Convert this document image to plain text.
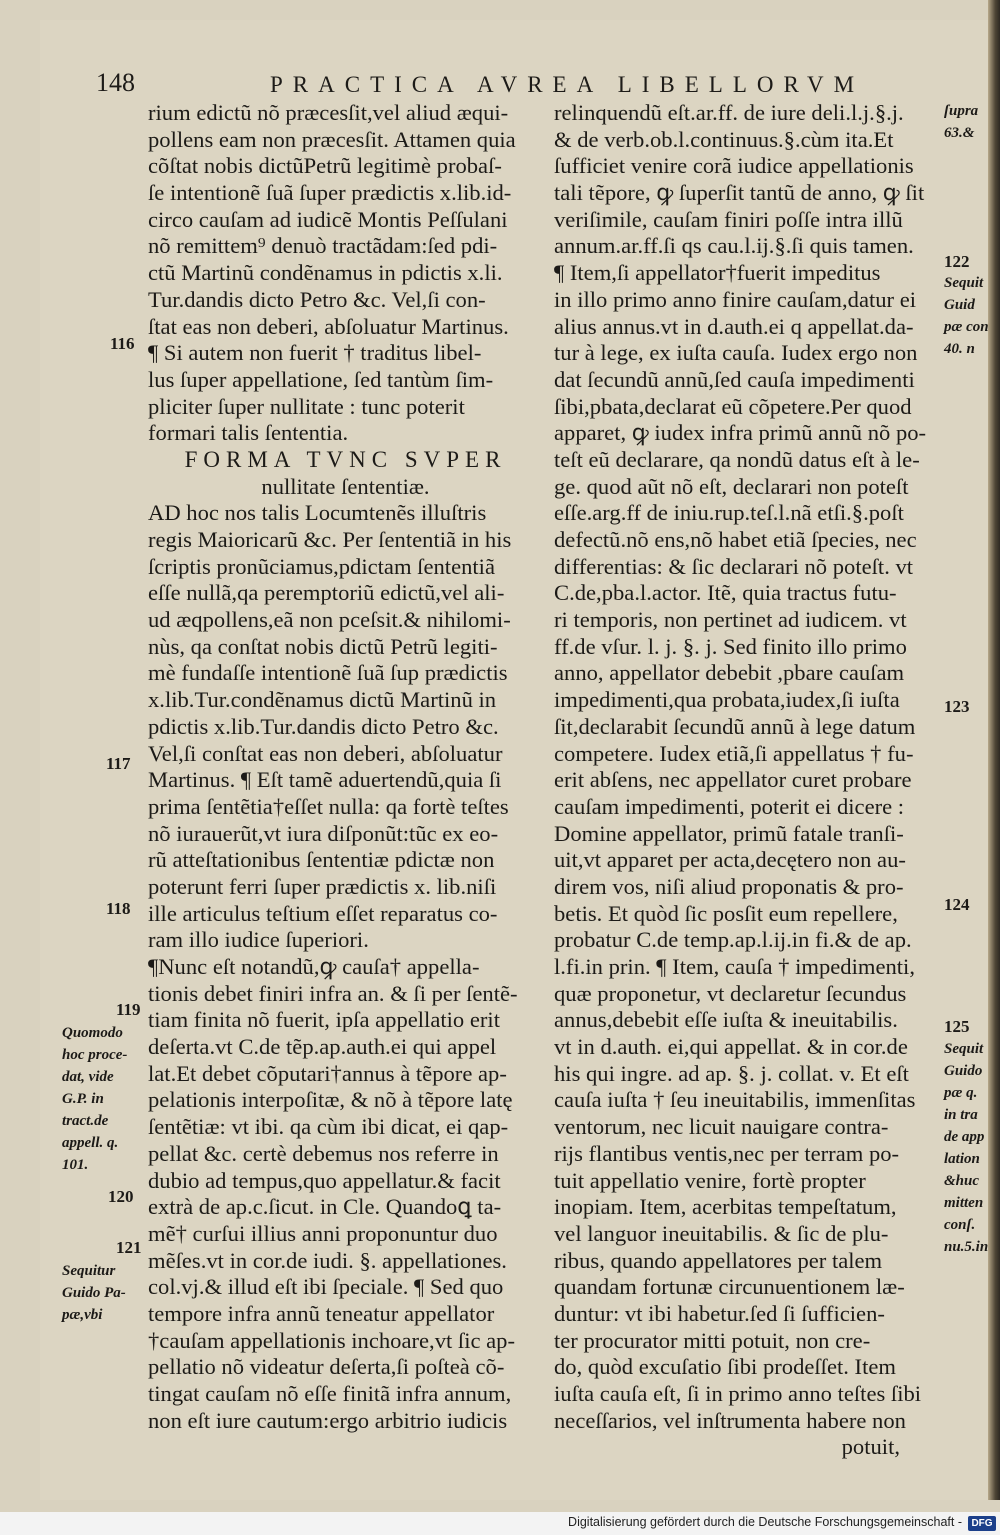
148	PRACTICA AVREA LIBELLORVM
rium edictũ nõ præcesſit,vel aliud æqui-
pollens eam non præcesſit. Attamen quia
cõſtat nobis dictũPetrũ legitimè probaſ-
ſe intentionẽ ſuã ſuper prædictis x.lib.id-
circo cauſam ad iudicẽ Montis Peſſulani
nõ remittem⁹ denuò tractãdam:ſed pdi-
ctũ Martinũ condẽnamus in pdictis x.li.
Tur.dandis dicto Petro &c. Vel,ſi con-
ſtat eas non deberi, abſoluatur Martinus.
¶ Si autem non fuerit † traditus libel-
lus ſuper appellatione, ſed tantùm ſim-
pliciter ſuper nullitate : tunc poterit
formari talis ſententia.
FORMA TVNC SVPER
nullitate ſententiæ.
AD hoc nos talis Locumtenẽs illuſtris
regis Maioricarũ &c. Per ſententiã in his
ſcriptis pronũciamus,pdictam ſententiã
eſſe nullã,qa peremptoriũ edictũ,vel ali-
ud æqpollens,eã non pceſsit.& nihilomi-
nùs, qa conſtat nobis dictũ Petrũ legiti-
mè fundaſſe intentionẽ ſuã ſup prædictis
x.lib.Tur.condẽnamus dictũ Martinũ in
pdictis x.lib.Tur.dandis dicto Petro &c.
Vel,ſi conſtat eas non deberi, abſoluatur
Martinus. ¶ Eſt tamẽ aduertendũ,quia ſi
prima ſentẽtia†eſſet nulla: qa fortè teſtes
nõ iurauerũt,vt iura diſponũt:tũc ex eo-
rũ atteſtationibus ſententiæ pdictæ non
poterunt ferri ſuper prædictis x. lib.niſi
ille articulus teſtium eſſet reparatus co-
ram illo iudice ſuperiori.
¶Nunc eſt notandũ,ꝙ cauſa† appella-
tionis debet finiri infra an. & ſi per ſentẽ-
tiam finita nõ fuerit, ipſa appellatio erit
deſerta.vt C.de tẽp.ap.auth.ei qui appel
lat.Et debet cõputari†annus à tẽpore ap-
pelationis interpoſitæ, & nõ à tẽpore latę
ſentẽtiæ: vt ibi. qa cùm ibi dicat, ei qap-
pellat &c. certè debemus nos referre in
dubio ad tempus,quo appellatur.& facit
extrà de ap.c.ſicut. in Cle. Quandoꝗ ta-
mẽ† curſui illius anni proponuntur duo
mẽſes.vt in cor.de iudi. §. appellationes.
col.vj.& illud eſt ibi ſpeciale. ¶ Sed quo
tempore infra annũ teneatur appellator
†cauſam appellationis inchoare,vt ſic ap-
pellatio nõ videatur deſerta,ſi poſteà cõ-
tingat cauſam nõ eſſe finitã infra annum,
non eſt iure cautum:ergo arbitrio iudicis
relinquendũ eſt.ar.ff. de iure deli.l.j.§.j.
& de verb.ob.l.continuus.§.cùm ita.Et
ſufficiet venire corã iudice appellationis
tali tẽpore, ꝙ ſuperſit tantũ de anno, ꝙ ſit
veriſimile, cauſam finiri poſſe intra illũ
annum.ar.ff.ſi qs cau.l.ij.§.ſi quis tamen.
¶ Item,ſi appellator†fuerit impeditus
in illo primo anno finire cauſam,datur ei
alius annus.vt in d.auth.ei q appellat.da-
tur à lege, ex iuſta cauſa. Iudex ergo non
dat ſecundũ annũ,ſed cauſa impedimenti
ſibi,pbata,declarat eũ cõpetere.Per quod
apparet, ꝙ iudex infra primũ annũ nõ po-
teſt eũ declarare, qa nondũ datus eſt à le-
ge. quod aũt nõ eſt, declarari non poteſt
eſſe.arg.ff de iniu.rup.teſ.l.nã etſi.§.poſt
defectũ.nõ ens,nõ habet etiã ſpecies, nec
differentias: & ſic declarari nõ poteſt. vt
C.de,pba.l.actor. Itẽ, quia tractus futu-
ri temporis, non pertinet ad iudicem. vt
ff.de vſur. l. j. §. j. Sed finito illo primo
anno, appellator debebit ,pbare cauſam
impedimenti,qua probata,iudex,ſi iuſta
ſit,declarabit ſecundũ annũ à lege datum
competere. Iudex etiã,ſi appellatus † fu-
erit abſens, nec appellator curet probare
cauſam impedimenti, poterit ei dicere :
Domine appellator, primũ fatale tranſi-
uit,vt apparet per acta,decętero non au-
direm vos, niſi aliud proponatis & pro-
betis. Et quòd ſic posſit eum repellere,
probatur C.de temp.ap.l.ij.in fi.& de ap.
l.fi.in prin. ¶ Item, cauſa † impedimenti,
quæ proponetur, vt declaretur ſecundus
annus,debebit eſſe iuſta & ineuitabilis.
vt in d.auth. ei,qui appellat. & in cor.de
his qui ingre. ad ap. §. j. collat. v. Et eſt
cauſa iuſta † ſeu ineuitabilis, immenſitas
ventorum, nec licuit nauigare contra-
rijs flantibus ventis,nec per terram po-
tuit appellatio venire, fortè propter
inopiam. Item, acerbitas tempeſtatum,
vel languor ineuitabilis. & ſic de plu-
ribus, quando appellatores per talem
quandam fortunæ circunuentionem læ-
duntur: vt ibi habetur.ſed ſi ſufficien-
ter procurator mitti potuit, non cre-
do, quòd excuſatio ſibi prodeſſet. Item
iuſta cauſa eſt, ſi in primo anno teſtes ſibi
neceſſarios, vel inſtrumenta habere non
potuit,
116
117
118
119
Quomodo
hoc proce-
dat, vide
G.P. in
tract.de
appell. q.
101.
120
121
Sequitur
Guido Pa-
pæ,vbi
ſupra
63.&
122
Sequit
Guid
pæ con
40. n
123
124
125
Sequit
Guido
pæ q.
in tra
de app
lation
&huc
mitten
conſ.
nu.5.in
Digitalisierung gefördert durch die Deutsche Forschungsgemeinschaft - DFG
